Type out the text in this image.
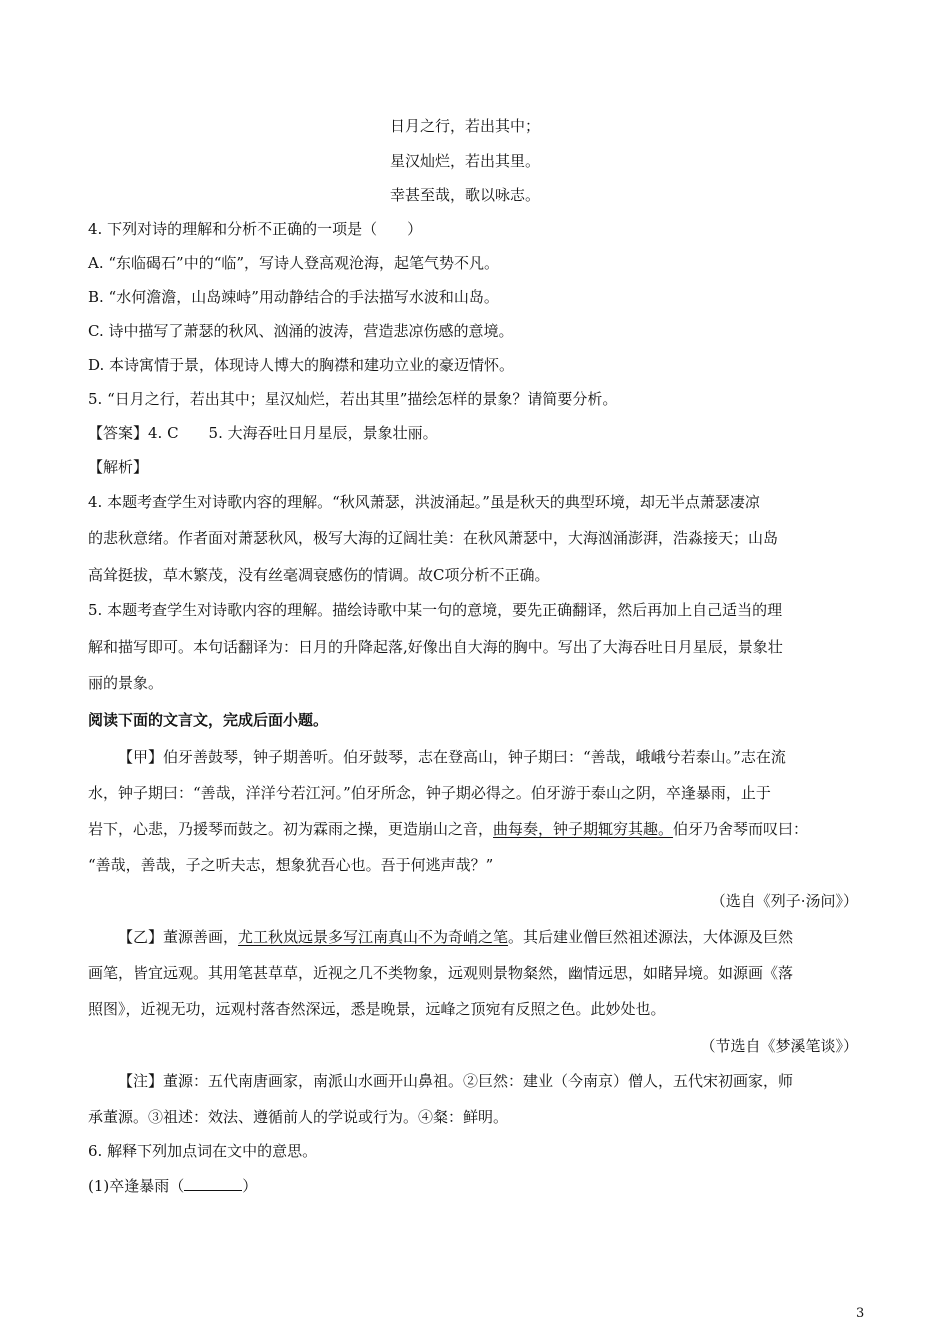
日月之行，若出其中；
星汉灿烂，若出其里。
幸甚至哉，歌以咏志。
4. 下列对诗的理解和分析不正确的一项是（　　）
A. “东临碣石”中的“临”，写诗人登高观沧海，起笔气势不凡。
B. “水何澹澹，山岛竦峙”用动静结合的手法描写水波和山岛。
C. 诗中描写了萧瑟的秋风、汹涌的波涛，营造悲凉伤感的意境。
D. 本诗寓情于景，体现诗人博大的胸襟和建功立业的豪迈情怀。
5. “日月之行，若出其中；星汉灿烂，若出其里”描绘怎样的景象？请简要分析。
【答案】4. C　　5. 大海吞吐日月星辰，景象壮丽。
【解析】
4. 本题考查学生对诗歌内容的理解。“秋风萧瑟，洪波涌起。”虽是秋天的典型环境，却无半点萧瑟凄凉
的悲秋意绪。作者面对萧瑟秋风，极写大海的辽阔壮美：在秋风萧瑟中，大海汹涌澎湃，浩淼接天；山岛
高耸挺拔，草木繁茂，没有丝毫凋衰感伤的情调。故C项分析不正确。
5. 本题考查学生对诗歌内容的理解。描绘诗歌中某一句的意境，要先正确翻译，然后再加上自己适当的理
解和描写即可。本句话翻译为：日月的升降起落,好像出自大海的胸中。写出了大海吞吐日月星辰，景象壮
丽的景象。
阅读下面的文言文，完成后面小题。
【甲】伯牙善鼓琴，钟子期善听。伯牙鼓琴，志在登高山，钟子期曰：“善哉，峨峨兮若泰山。”志在流
水，钟子期曰：“善哉，洋洋兮若江河。”伯牙所念，钟子期必得之。伯牙游于泰山之阴，卒逢暴雨，止于
岩下，心悲，乃援琴而鼓之。初为霖雨之操，更造崩山之音，曲每奏，钟子期辄穷其趣。伯牙乃舍琴而叹曰：
“善哉，善哉，子之听夫志，想象犹吾心也。吾于何逃声哉？”
（选自《列子·汤问》）
【乙】董源善画，尤工秋岚远景多写江南真山不为奇峭之笔。其后建业僧巨然祖述源法，大体源及巨然
画笔，皆宜远观。其用笔甚草草，近视之几不类物象，远观则景物粲然，幽情远思，如睹异境。如源画《落
照图》，近视无功，远观村落杳然深远，悉是晚景，远峰之顶宛有反照之色。此妙处也。
（节选自《梦溪笔谈》）
【注】董源：五代南唐画家，南派山水画开山鼻祖。②巨然：建业（今南京）僧人，五代宋初画家，师
承董源。③祖述：效法、遵循前人的学说或行为。④粲：鲜明。
6. 解释下列加点词在文中的意思。
(1)卒逢暴雨（	）
3
